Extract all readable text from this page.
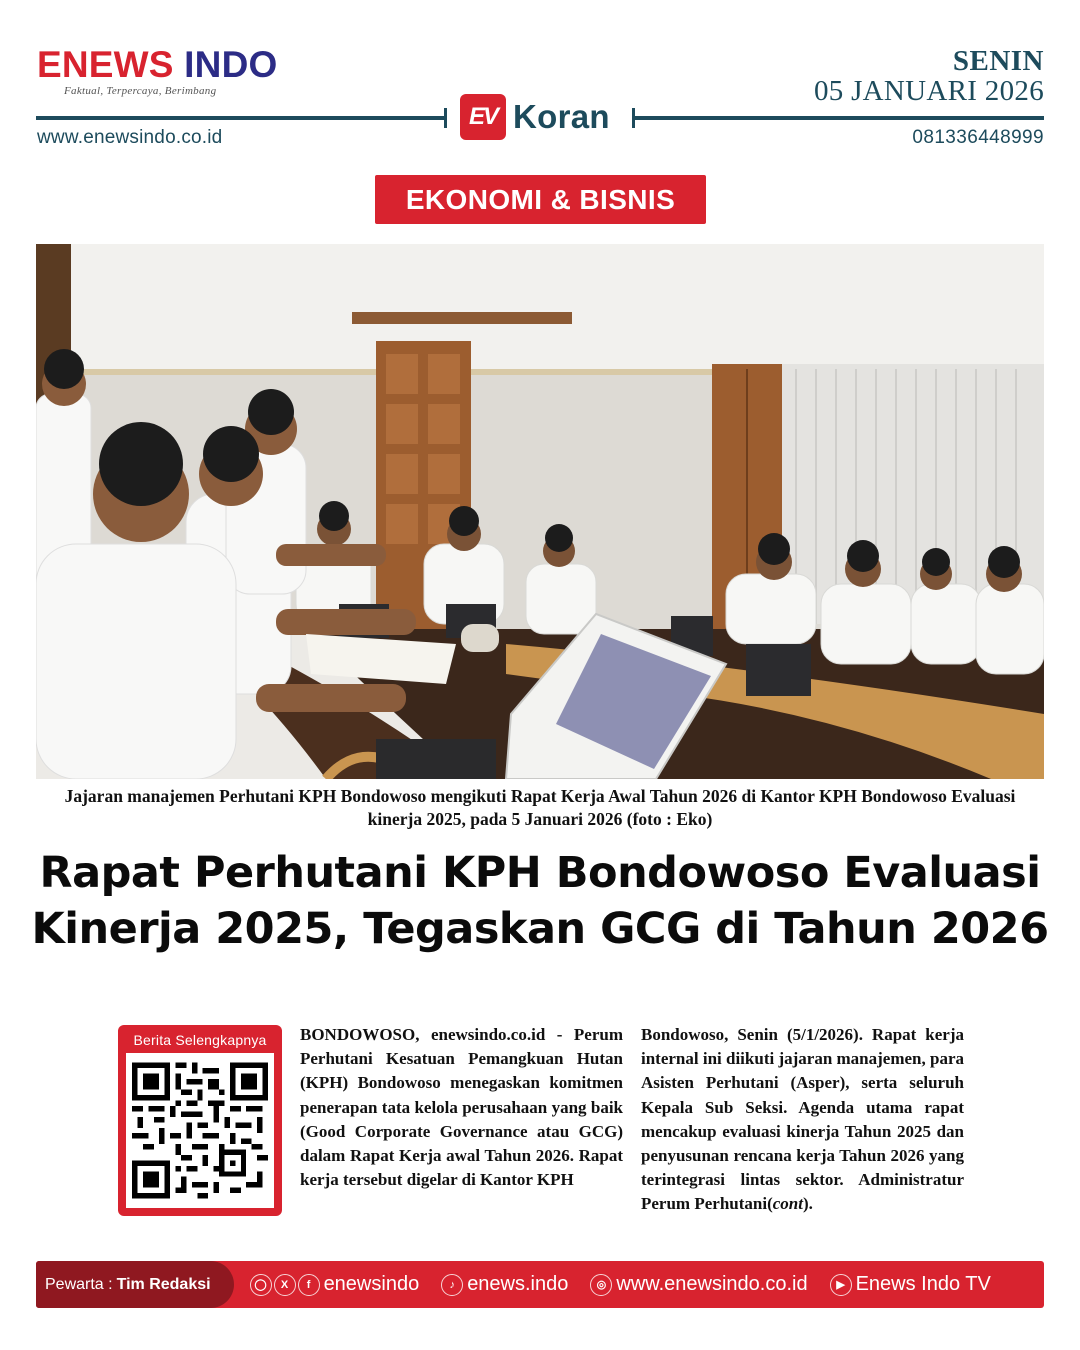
ENEWS INDO
Faktual, Terpercaya, Berimbang
SENIN
05 JANUARI 2026
EV Koran
www.enewsindo.co.id	081336448999
EKONOMI & BISNIS
Jajaran manajemen Perhutani KPH Bondowoso mengikuti Rapat Kerja Awal Tahun 2026 di Kantor KPH Bondowoso Evaluasi kinerja 2025, pada 5 Januari 2026 (foto : Eko)
Rapat Perhutani KPH Bondowoso Evaluasi Kinerja 2025, Tegaskan GCG di Tahun 2026
Berita Selengkapnya	BONDOWOSO, enewsindo.co.id - Perum Perhutani Kesatuan Pemangkuan Hutan (KPH) Bondowoso menegaskan komitmen penerapan tata kelola perusahaan yang baik (Good Corporate Governance atau GCG) dalam Rapat Kerja awal Tahun 2026. Rapat kerja tersebut digelar di Kantor KPH
Bondowoso, Senin (5/1/2026). Rapat kerja internal ini diikuti jajaran manajemen, para Asisten Perhutani (Asper), serta seluruh Kepala Sub Seksi. Agenda utama rapat mencakup evaluasi kinerja Tahun 2025 dan penyusunan rencana kerja Tahun 2026 yang terintegrasi lintas sektor. Administratur Perum Perhutani(cont).
Pewarta : Tim Redaksi	◯	X	f enewsindo	♪ enews.indo	◎ www.enewsindo.co.id	▶ Enews Indo TV
